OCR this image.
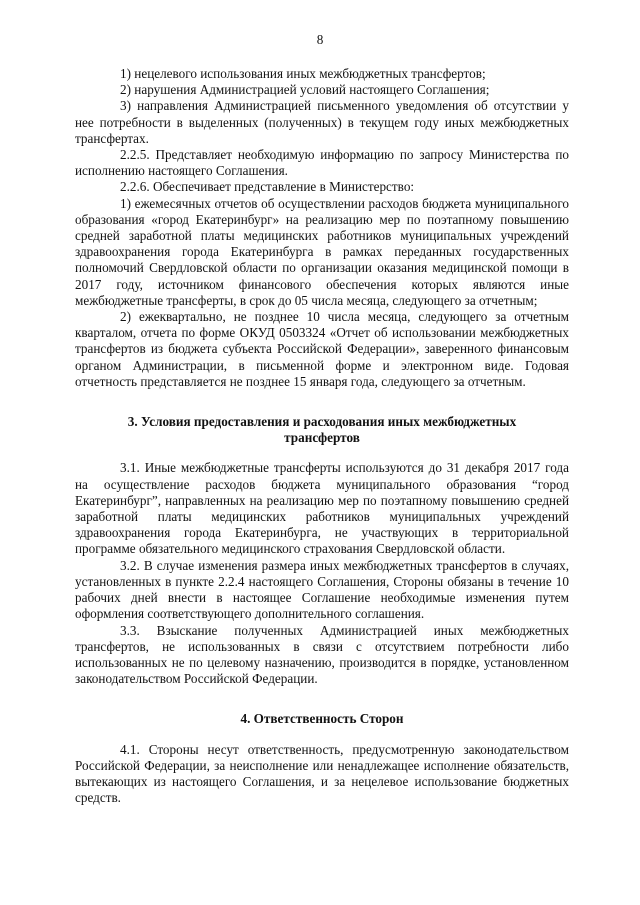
8

1) нецелевого использования иных межбюджетных трансфертов;

2) нарушения Администрацией условий настоящего Соглашения;

3) направления Администрацией письменного уведомления об отсутствии у нее потребности в выделенных (полученных) в текущем году иных межбюджетных трансфертах.

2.2.5. Представляет необходимую информацию по запросу Министерства по исполнению настоящего Соглашения.

2.2.6. Обеспечивает представление в Министерство:

1) ежемесячных отчетов об осуществлении расходов бюджета муниципального образования «город Екатеринбург» на реализацию мер по поэтапному повышению средней заработной платы медицинских работников муниципальных учреждений здравоохранения города Екатеринбурга в рамках переданных государственных полномочий Свердловской области по организации оказания медицинской помощи в 2017 году, источником финансового обеспечения которых являются иные межбюджетные трансферты, в срок до 05 числа месяца, следующего за отчетным;

2) ежеквартально, не позднее 10 числа месяца, следующего за отчетным кварталом, отчета по форме ОКУД 0503324 «Отчет об использовании межбюджетных трансфертов из бюджета субъекта Российской Федерации», заверенного финансовым органом Администрации, в письменной форме и электронном виде. Годовая отчетность представляется не позднее 15 января года, следующего за отчетным.

3. Условия предоставления и расходования иных межбюджетных трансфертов

3.1. Иные межбюджетные трансферты используются до 31 декабря 2017 года на осуществление расходов бюджета муниципального образования “город Екатеринбург”, направленных на реализацию мер по поэтапному повышению средней заработной платы медицинских работников муниципальных учреждений здравоохранения города Екатеринбурга, не участвующих в территориальной программе обязательного медицинского страхования Свердловской области.

3.2. В случае изменения размера иных межбюджетных трансфертов в случаях, установленных в пункте 2.2.4 настоящего Соглашения, Стороны обязаны в течение 10 рабочих дней внести в настоящее Соглашение необходимые изменения путем оформления соответствующего дополнительного соглашения.

3.3. Взыскание полученных Администрацией иных межбюджетных трансфертов, не использованных в связи с отсутствием потребности либо использованных не по целевому назначению, производится в порядке, установленном законодательством Российской Федерации.

4. Ответственность Сторон

4.1. Стороны несут ответственность, предусмотренную законодательством Российской Федерации, за неисполнение или ненадлежащее исполнение обязательств, вытекающих из настоящего Соглашения, и за нецелевое использование бюджетных средств.
